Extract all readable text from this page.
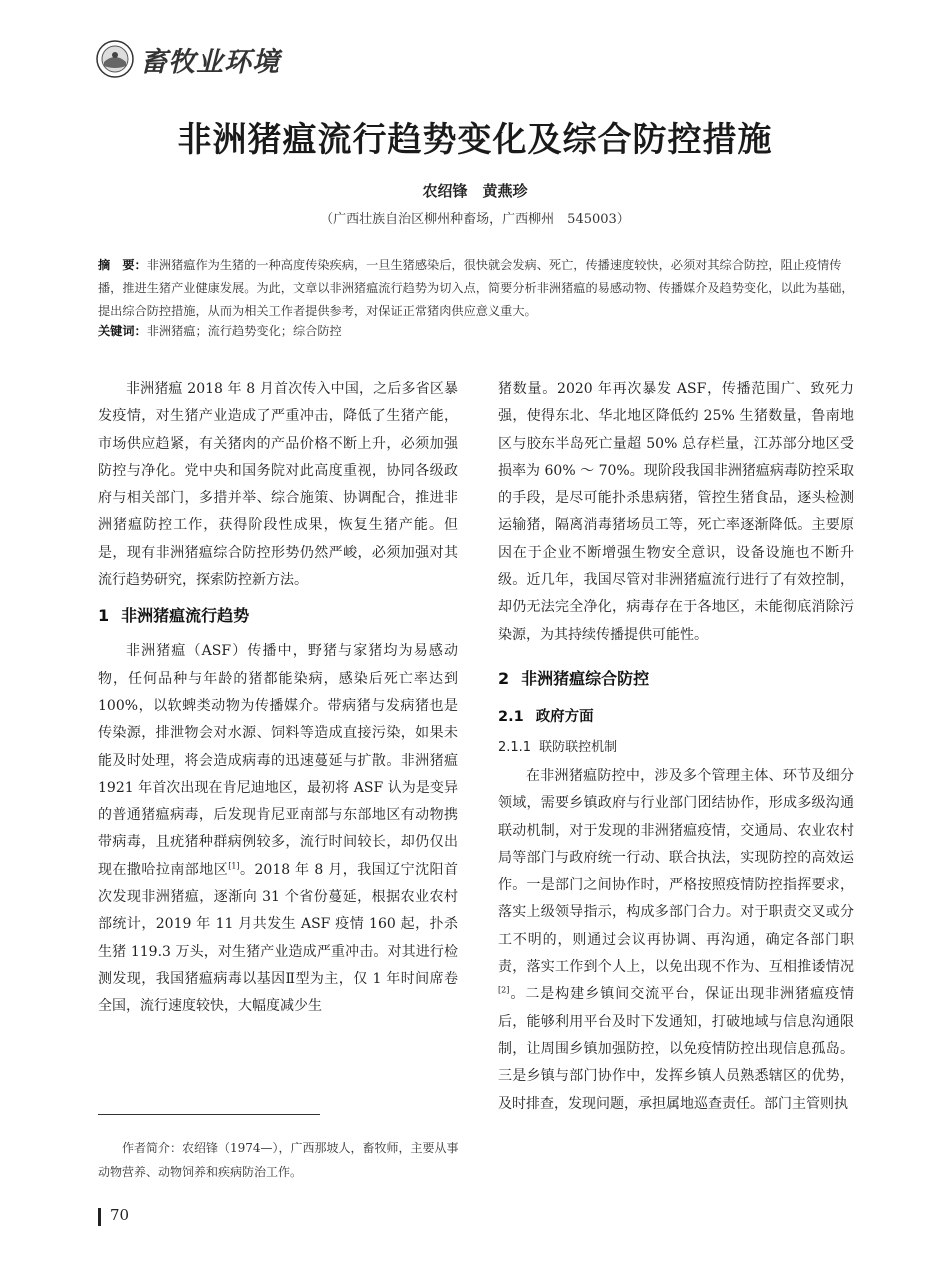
畜牧业环境
非洲猪瘟流行趋势变化及综合防控措施
农绍锋　黄燕珍
（广西壮族自治区柳州种畜场，广西柳州　545003）
摘　要：非洲猪瘟作为生猪的一种高度传染疾病，一旦生猪感染后，很快就会发病、死亡，传播速度较快，必须对其综合防控，阻止疫情传播，推进生猪产业健康发展。为此，文章以非洲猪瘟流行趋势为切入点，简要分析非洲猪瘟的易感动物、传播媒介及趋势变化，以此为基础，提出综合防控措施，从而为相关工作者提供参考，对保证正常猪肉供应意义重大。
关键词：非洲猪瘟；流行趋势变化；综合防控

非洲猪瘟 2018 年 8 月首次传入中国，之后多省区暴发疫情，对生猪产业造成了严重冲击，降低了生猪产能，市场供应趋紧，有关猪肉的产品价格不断上升，必须加强防控与净化。党中央和国务院对此高度重视，协同各级政府与相关部门，多措并举、综合施策、协调配合，推进非洲猪瘟防控工作，获得阶段性成果，恢复生猪产能。但是，现有非洲猪瘟综合防控形势仍然严峻，必须加强对其流行趋势研究，探索防控新方法。

1 非洲猪瘟流行趋势

非洲猪瘟（ASF）传播中，野猪与家猪均为易感动物，任何品种与年龄的猪都能染病，感染后死亡率达到 100%，以软蜱类动物为传播媒介。带病猪与发病猪也是传染源，排泄物会对水源、饲料等造成直接污染，如果未能及时处理，将会造成病毒的迅速蔓延与扩散。非洲猪瘟 1921 年首次出现在肯尼迪地区，最初将 ASF 认为是变异的普通猪瘟病毒，后发现肯尼亚南部与东部地区有动物携带病毒，且疣猪种群病例较多，流行时间较长，却仍仅出现在撒哈拉南部地区[1]。2018 年 8 月，我国辽宁沈阳首次发现非洲猪瘟，逐渐向 31 个省份蔓延，根据农业农村部统计，2019 年 11 月共发生 ASF 疫情 160 起，扑杀生猪 119.3 万头，对生猪产业造成严重冲击。对其进行检测发现，我国猪瘟病毒以基因Ⅱ型为主，仅 1 年时间席卷全国，流行速度较快，大幅度减少生

猪数量。2020 年再次暴发 ASF，传播范围广、致死力强，使得东北、华北地区降低约 25% 生猪数量，鲁南地区与胶东半岛死亡量超 50% 总存栏量，江苏部分地区受损率为 60% ～ 70%。现阶段我国非洲猪瘟病毒防控采取的手段，是尽可能扑杀患病猪，管控生猪食品，逐头检测运输猪，隔离消毒猪场员工等，死亡率逐渐降低。主要原因在于企业不断增强生物安全意识，设备设施也不断升级。近几年，我国尽管对非洲猪瘟流行进行了有效控制，却仍无法完全净化，病毒存在于各地区，未能彻底消除污染源，为其持续传播提供可能性。

2 非洲猪瘟综合防控
2.1 政府方面
2.1.1 联防联控机制

在非洲猪瘟防控中，涉及多个管理主体、环节及细分领域，需要乡镇政府与行业部门团结协作，形成多级沟通联动机制，对于发现的非洲猪瘟疫情，交通局、农业农村局等部门与政府统一行动、联合执法，实现防控的高效运作。一是部门之间协作时，严格按照疫情防控指挥要求，落实上级领导指示，构成多部门合力。对于职责交叉或分工不明的，则通过会议再协调、再沟通，确定各部门职责，落实工作到个人上，以免出现不作为、互相推诿情况[2]。二是构建乡镇间交流平台，保证出现非洲猪瘟疫情后，能够利用平台及时下发通知，打破地域与信息沟通限制，让周围乡镇加强防控，以免疫情防控出现信息孤岛。三是乡镇与部门协作中，发挥乡镇人员熟悉辖区的优势，及时排查，发现问题，承担属地巡查责任。部门主管则执

作者简介：农绍锋（1974—），广西那坡人，畜牧师，主要从事动物营养、动物饲养和疾病防治工作。
70
